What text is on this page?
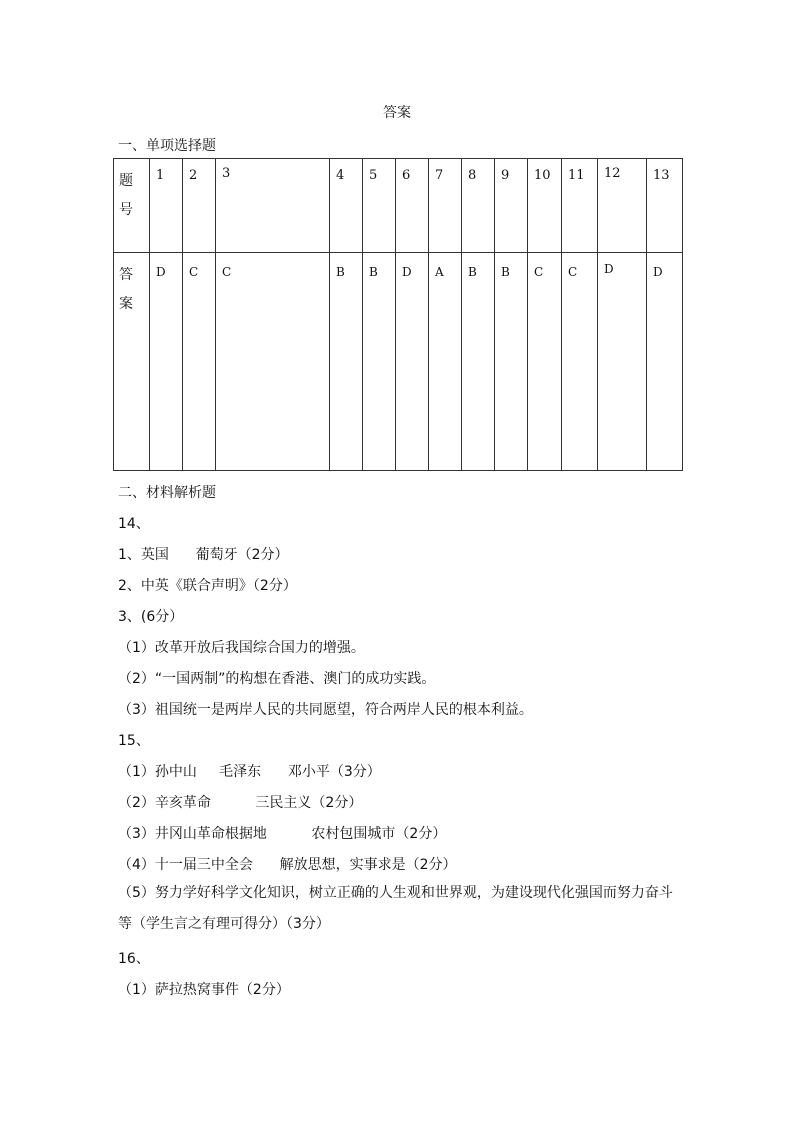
答案
一、单项选择题
题
号	1	2	3	4	5	6	7	8	9	10	11	12	13

答
案	D	C	C	B	B	D	A	B	B	C	C	D	D
二、材料解析题
14、
1、英国      葡萄牙（2分）
2、中英《联合声明》（2分）
3、(6分）
（1）改革开放后我国综合国力的增强。
（2）“一国两制”的构想在香港、澳门的成功实践。
（3）祖国统一是两岸人民的共同愿望，符合两岸人民的根本利益。
15、
（1）孙中山     毛泽东      邓小平（3分）
（2）辛亥革命          三民主义（2分）
（3）井冈山革命根据地          农村包围城市（2分）
（4）十一届三中全会      解放思想，实事求是（2分）
（5）努力学好科学文化知识，树立正确的人生观和世界观，为建设现代化强国而努力奋斗等（学生言之有理可得分）（3分）
16、
（1）萨拉热窝事件（2分）
